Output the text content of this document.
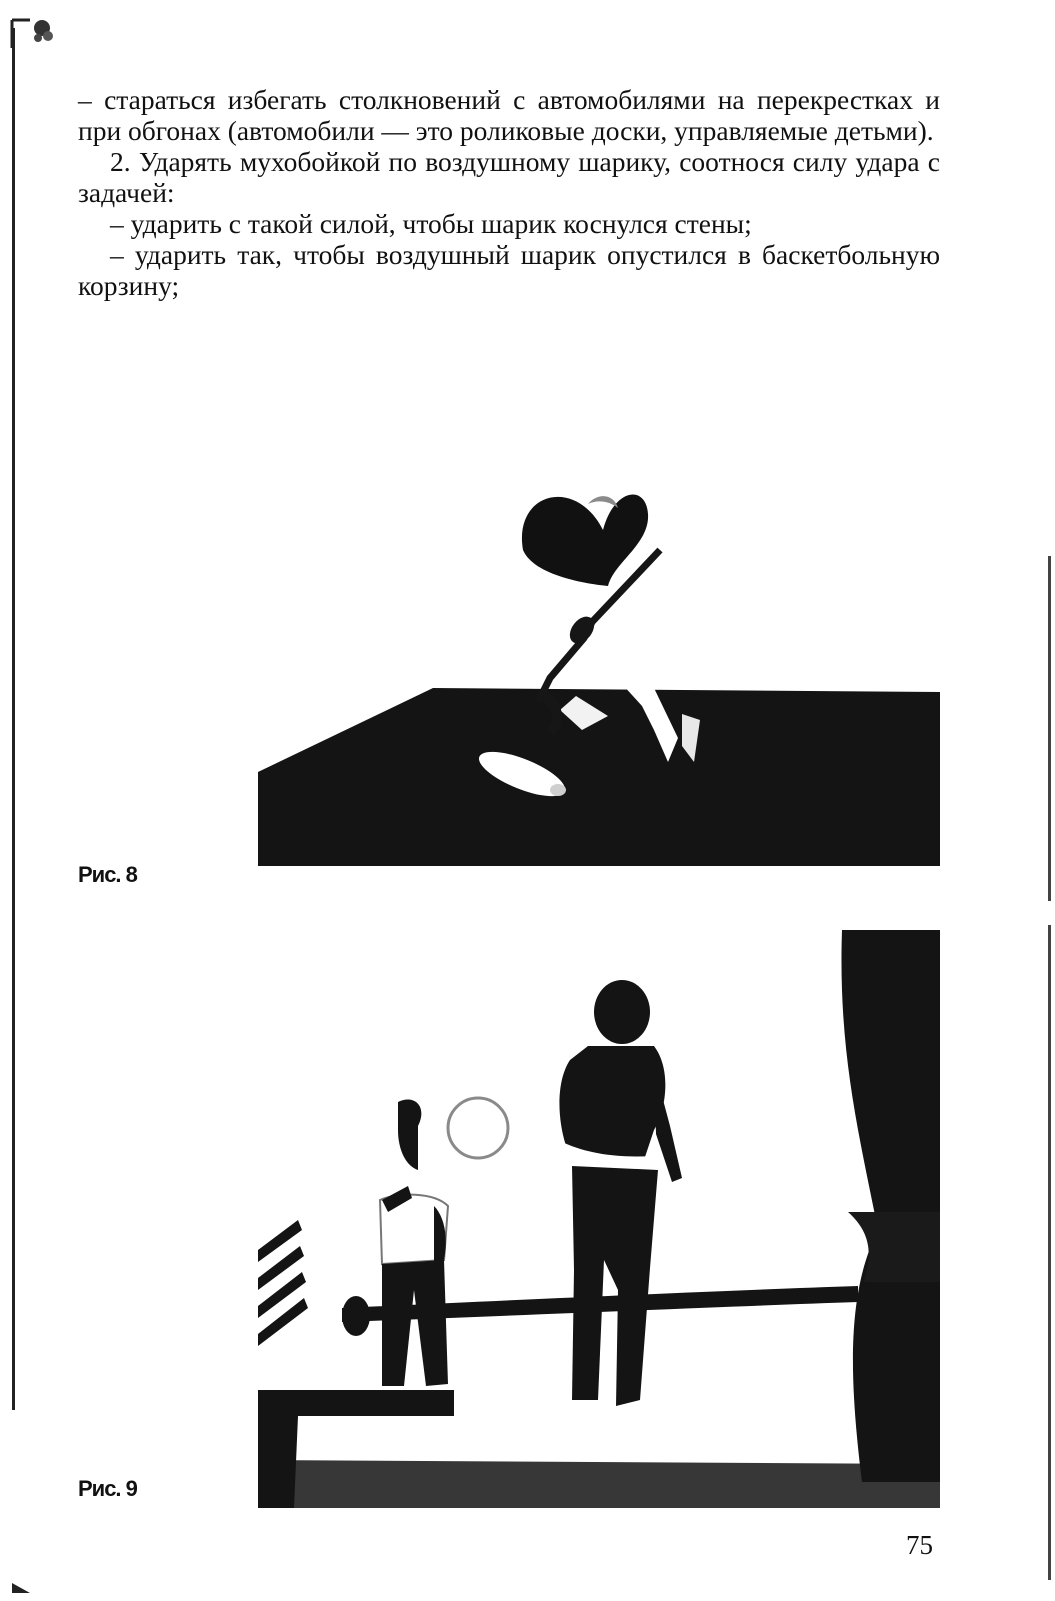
– стараться избегать столкновений с автомобилями на перекрестках и при обгонах (автомобили — это роликовые доски, управляемые детьми).

2. Ударять мухобойкой по воздушному шарику, соотнося силу удара с задачей:

– ударить с такой силой, чтобы шарик коснулся стены;

– ударить так, чтобы воздушный шарик опустился в баскетбольную корзину;

Рис. 8
Рис. 9
75
